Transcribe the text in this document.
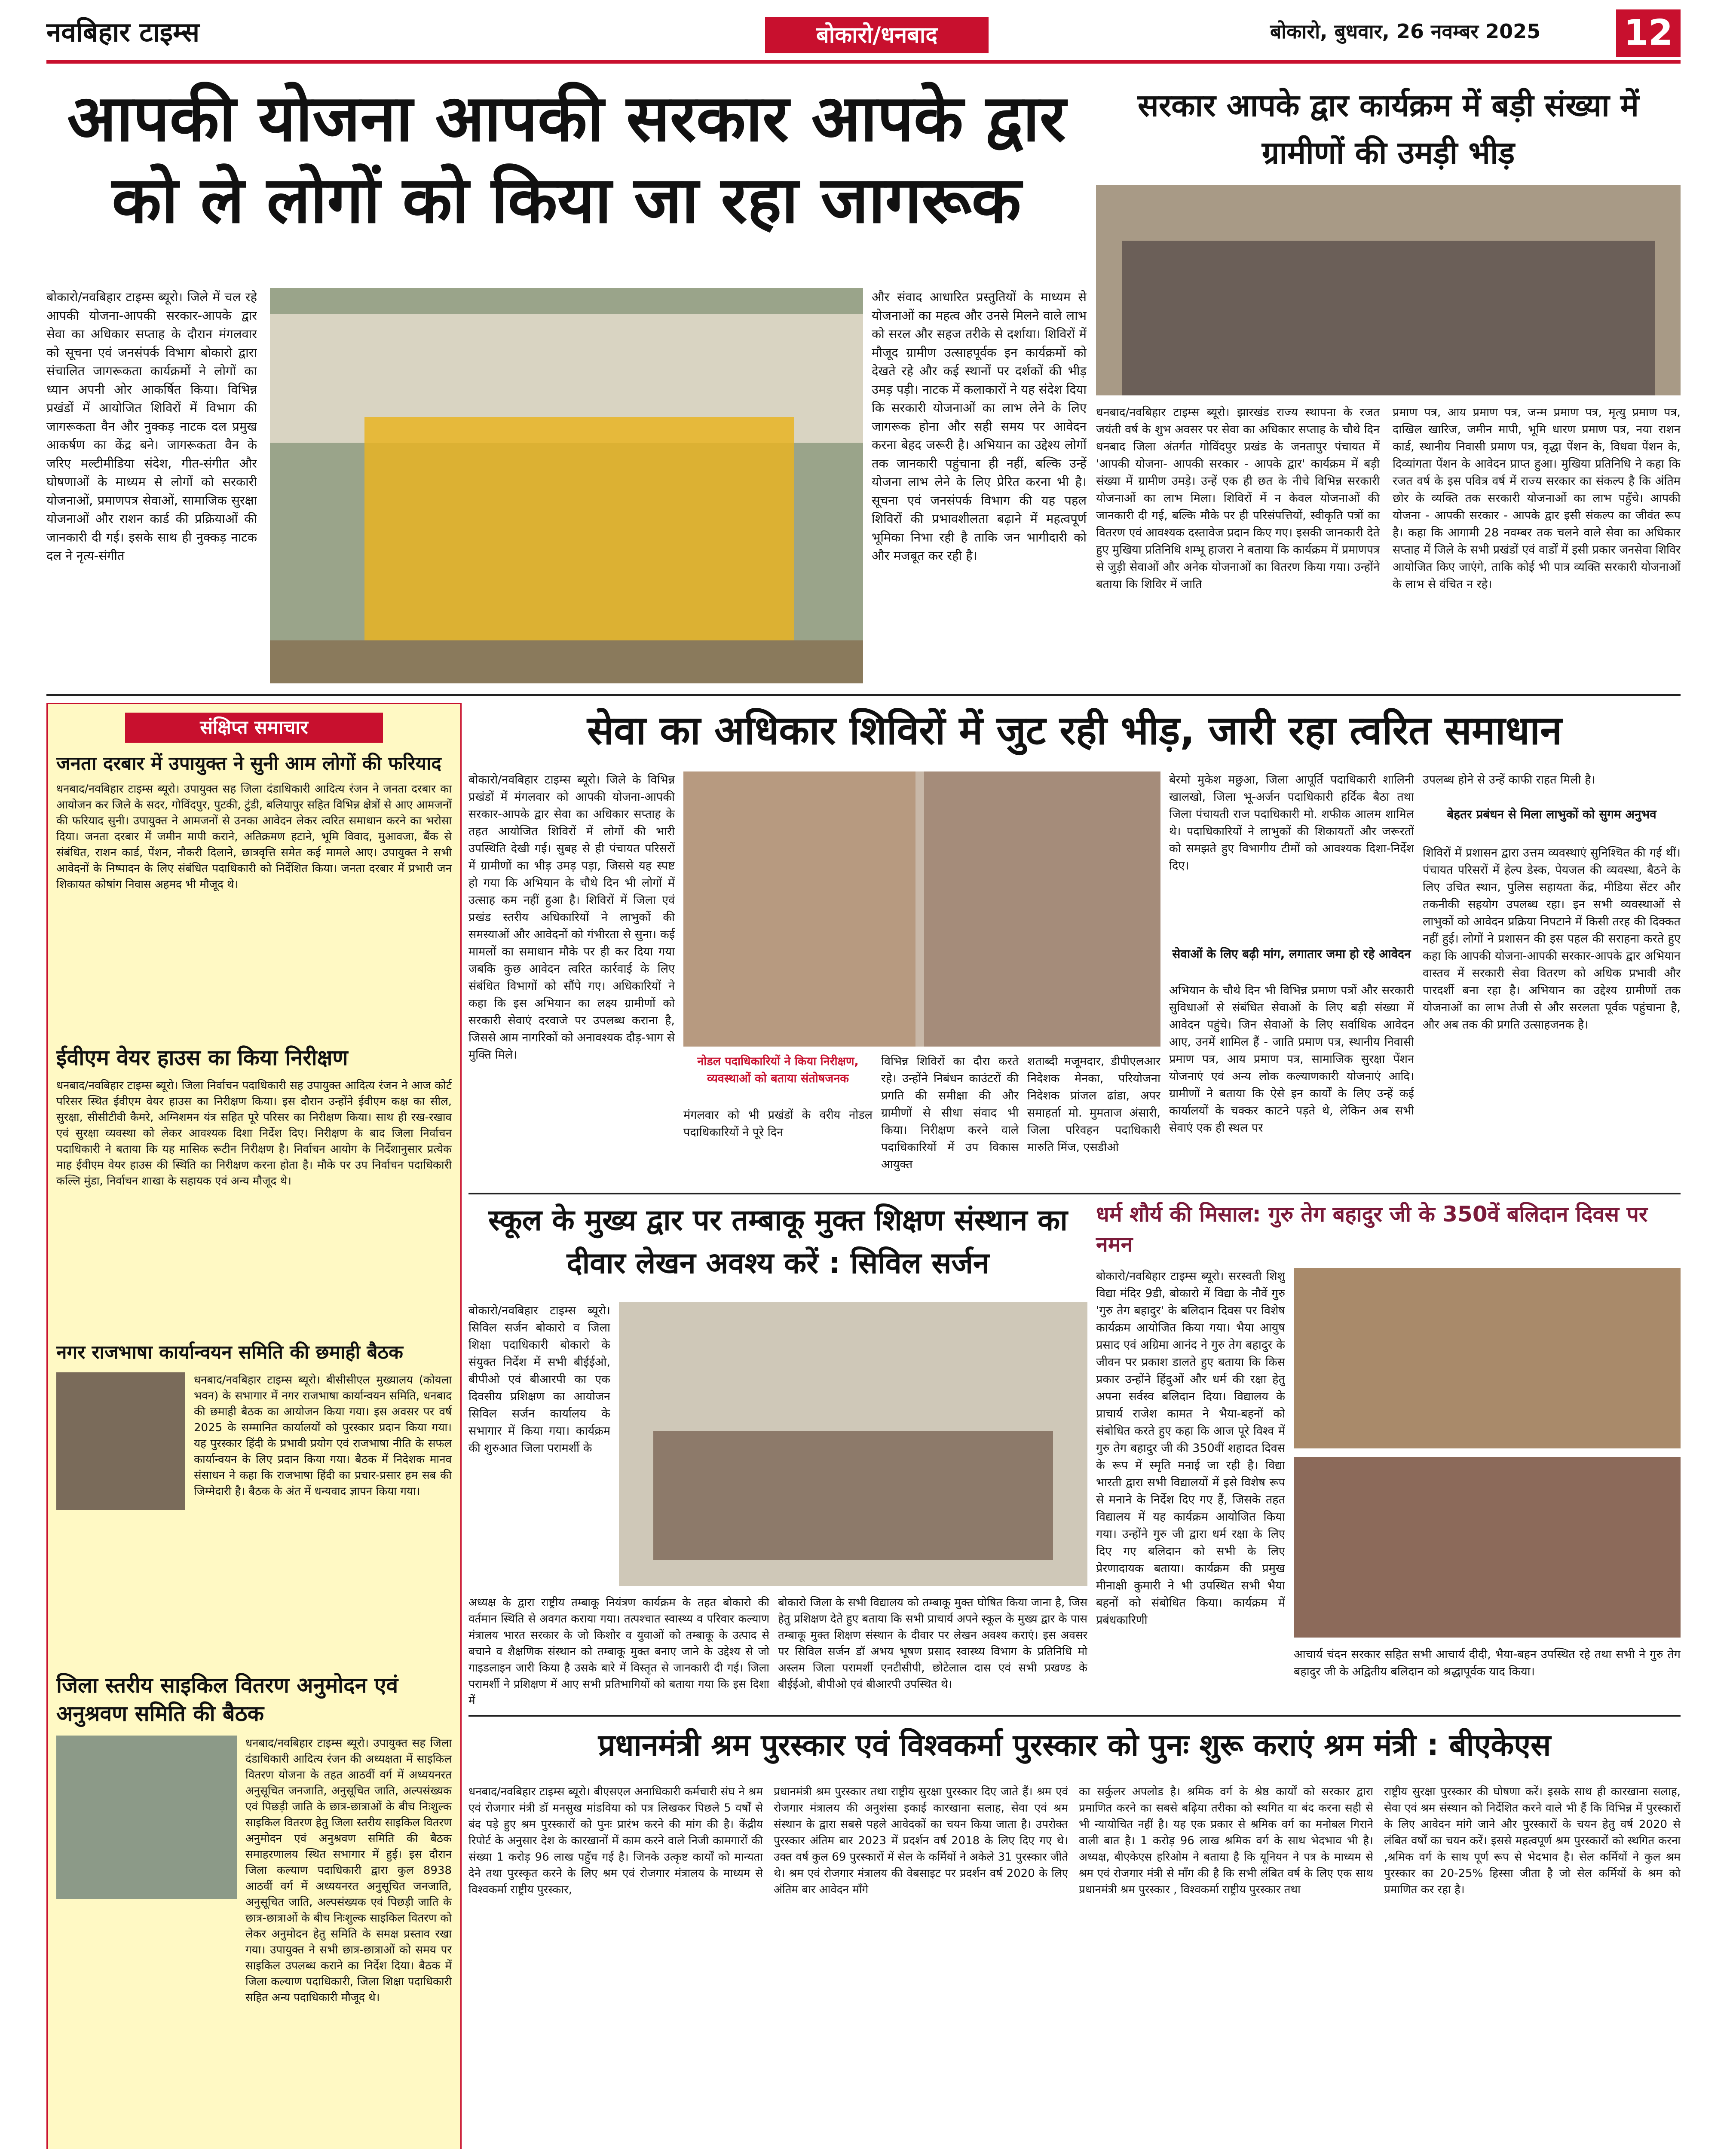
नवबिहार टाइम्स	बोकारो/धनबाद	बोकारो, बुधवार, 26 नवम्बर 2025 12
आपकी योजना आपकी सरकार आपके द्वार को ले लोगों को किया जा रहा जागरूक
बोकारो/नवबिहार टाइम्स ब्यूरो। जिले में चल रहे आपकी योजना-आपकी सरकार-आपके द्वार सेवा का अधिकार सप्ताह के दौरान मंगलवार को सूचना एवं जनसंपर्क विभाग बोकारो द्वारा संचालित जागरूकता कार्यक्रमों ने लोगों का ध्यान अपनी ओर आकर्षित किया। विभिन्न प्रखंडों में आयोजित शिविरों में विभाग की जागरूकता वैन और नुक्कड़ नाटक दल प्रमुख आकर्षण का केंद्र बने। जागरूकता वैन के जरिए मल्टीमीडिया संदेश, गीत-संगीत और घोषणाओं के माध्यम से लोगों को सरकारी योजनाओं, प्रमाणपत्र सेवाओं, सामाजिक सुरक्षा योजनाओं और राशन कार्ड की प्रक्रियाओं की जानकारी दी गई। इसके साथ ही नुक्कड़ नाटक दल ने नृत्य-संगीत
और संवाद आधारित प्रस्तुतियों के माध्यम से योजनाओं का महत्व और उनसे मिलने वाले लाभ को सरल और सहज तरीके से दर्शाया। शिविरों में मौजूद ग्रामीण उत्साहपूर्वक इन कार्यक्रमों को देखते रहे और कई स्थानों पर दर्शकों की भीड़ उमड़ पड़ी। नाटक में कलाकारों ने यह संदेश दिया कि सरकारी योजनाओं का लाभ लेने के लिए जागरूक होना और सही समय पर आवेदन करना बेहद जरूरी है। अभियान का उद्देश्य लोगों तक जानकारी पहुंचाना ही नहीं, बल्कि उन्हें योजना लाभ लेने के लिए प्रेरित करना भी है। सूचना एवं जनसंपर्क विभाग की यह पहल शिविरों की प्रभावशीलता बढ़ाने में महत्वपूर्ण भूमिका निभा रही है ताकि जन भागीदारी को और मजबूत कर रही है।
सरकार आपके द्वार कार्यक्रम में बड़ी संख्या में ग्रामीणों की उमड़ी भीड़
धनबाद/नवबिहार टाइम्स ब्यूरो। झारखंड राज्य स्थापना के रजत जयंती वर्ष के शुभ अवसर पर सेवा का अधिकार सप्ताह के चौथे दिन धनबाद जिला अंतर्गत गोविंदपुर प्रखंड के जनतापुर पंचायत में 'आपकी योजना- आपकी सरकार - आपके द्वार' कार्यक्रम में बड़ी संख्या में ग्रामीण उमड़े। उन्हें एक ही छत के नीचे विभिन्न सरकारी योजनाओं का लाभ मिला। शिविरों में न केवल योजनाओं की जानकारी दी गई, बल्कि मौके पर ही परिसंपत्तियों, स्वीकृति पत्रों का वितरण एवं आवश्यक दस्तावेज प्रदान किए गए। इसकी जानकारी देते हुए मुखिया प्रतिनिधि शम्भू हाजरा ने बताया कि कार्यक्रम में प्रमाणपत्र से जुड़ी सेवाओं और अनेक योजनाओं का वितरण किया गया। उन्होंने बताया कि शिविर में जाति
प्रमाण पत्र, आय प्रमाण पत्र, जन्म प्रमाण पत्र, मृत्यु प्रमाण पत्र, दाखिल खारिज, जमीन मापी, भूमि धारण प्रमाण पत्र, नया राशन कार्ड, स्थानीय निवासी प्रमाण पत्र, वृद्धा पेंशन के, विधवा पेंशन के, दिव्यांगता पेंशन के आवेदन प्राप्त हुआ। मुखिया प्रतिनिधि ने कहा कि रजत वर्ष के इस पवित्र वर्ष में राज्य सरकार का संकल्प है कि अंतिम छोर के व्यक्ति तक सरकारी योजनाओं का लाभ पहुँचे। आपकी योजना - आपकी सरकार - आपके द्वार इसी संकल्प का जीवंत रूप है। कहा कि आगामी 28 नवम्बर तक चलने वाले सेवा का अधिकार सप्ताह में जिले के सभी प्रखंडों एवं वार्डों में इसी प्रकार जनसेवा शिविर आयोजित किए जाएंगे, ताकि कोई भी पात्र व्यक्ति सरकारी योजनाओं के लाभ से वंचित न रहे।
संक्षिप्त समाचार
जनता दरबार में उपायुक्त ने सुनी आम लोगों की फरियाद
धनबाद/नवबिहार टाइम्स ब्यूरो। उपायुक्त सह जिला दंडाधिकारी आदित्य रंजन ने जनता दरबार का आयोजन कर जिले के सदर, गोविंदपुर, पुटकी, टुंडी, बलियापुर सहित विभिन्न क्षेत्रों से आए आमजनों की फरियाद सुनी। उपायुक्त ने आमजनों से उनका आवेदन लेकर त्वरित समाधान करने का भरोसा दिया। जनता दरबार में जमीन मापी कराने, अतिक्रमण हटाने, भूमि विवाद, मुआवजा, बैंक से संबंधित, राशन कार्ड, पेंशन, नौकरी दिलाने, छात्रवृत्ति समेत कई मामले आए। उपायुक्त ने सभी आवेदनों के निष्पादन के लिए संबंधित पदाधिकारी को निर्देशित किया। जनता दरबार में प्रभारी जन शिकायत कोषांग निवास अहमद भी मौजूद थे।
ईवीएम वेयर हाउस का किया निरीक्षण
धनबाद/नवबिहार टाइम्स ब्यूरो। जिला निर्वाचन पदाधिकारी सह उपायुक्त आदित्य रंजन ने आज कोर्ट परिसर स्थित ईवीएम वेयर हाउस का निरीक्षण किया। इस दौरान उन्होंने ईवीएम कक्ष का सील, सुरक्षा, सीसीटीवी कैमरे, अग्निशमन यंत्र सहित पूरे परिसर का निरीक्षण किया। साथ ही रख-रखाव एवं सुरक्षा व्यवस्था को लेकर आवश्यक दिशा निर्देश दिए। निरीक्षण के बाद जिला निर्वाचन पदाधिकारी ने बताया कि यह मासिक रूटीन निरीक्षण है। निर्वाचन आयोग के निर्देशानुसार प्रत्येक माह ईवीएम वेयर हाउस की स्थिति का निरीक्षण करना होता है। मौके पर उप निर्वाचन पदाधिकारी कल्लि मुंडा, निर्वाचन शाखा के सहायक एवं अन्य मौजूद थे।
नगर राजभाषा कार्यान्वयन समिति की छमाही बैठक
धनबाद/नवबिहार टाइम्स ब्यूरो। बीसीसीएल मुख्यालय (कोयला भवन) के सभागार में नगर राजभाषा कार्यान्वयन समिति, धनबाद की छमाही बैठक का आयोजन किया गया। इस अवसर पर वर्ष 2025 के सम्मानित कार्यालयों को पुरस्कार प्रदान किया गया। यह पुरस्कार हिंदी के प्रभावी प्रयोग एवं राजभाषा नीति के सफल कार्यान्वयन के लिए प्रदान किया गया। बैठक में निदेशक मानव संसाधन ने कहा कि राजभाषा हिंदी का प्रचार-प्रसार हम सब की जिम्मेदारी है। बैठक के अंत में धन्यवाद ज्ञापन किया गया।
जिला स्तरीय साइकिल वितरण अनुमोदन एवं अनुश्रवण समिति की बैठक
धनबाद/नवबिहार टाइम्स ब्यूरो। उपायुक्त सह जिला दंडाधिकारी आदित्य रंजन की अध्यक्षता में साइकिल वितरण योजना के तहत आठवीं वर्ग में अध्ययनरत अनुसूचित जनजाति, अनुसूचित जाति, अल्पसंख्यक एवं पिछड़ी जाति के छात्र-छात्राओं के बीच निःशुल्क साइकिल वितरण हेतु जिला स्तरीय साइकिल वितरण अनुमोदन एवं अनुश्रवण समिति की बैठक समाहरणालय स्थित सभागार में हुई। इस दौरान जिला कल्याण पदाधिकारी द्वारा कुल 8938 आठवीं वर्ग में अध्ययनरत अनुसूचित जनजाति, अनुसूचित जाति, अल्पसंख्यक एवं पिछड़ी जाति के छात्र-छात्राओं के बीच निःशुल्क साइकिल वितरण को लेकर अनुमोदन हेतु समिति के समक्ष प्रस्ताव रखा गया। उपायुक्त ने सभी छात्र-छात्राओं को समय पर साइकिल उपलब्ध कराने का निर्देश दिया। बैठक में जिला कल्याण पदाधिकारी, जिला शिक्षा पदाधिकारी सहित अन्य पदाधिकारी मौजूद थे।
सेवा का अधिकार शिविरों में जुट रही भीड़, जारी रहा त्वरित समाधान
बोकारो/नवबिहार टाइम्स ब्यूरो। जिले के विभिन्न प्रखंडों में मंगलवार को आपकी योजना-आपकी सरकार-आपके द्वार सेवा का अधिकार सप्ताह के तहत आयोजित शिविरों में लोगों की भारी उपस्थिति देखी गई। सुबह से ही पंचायत परिसरों में ग्रामीणों का भीड़ उमड़ पड़ा, जिससे यह स्पष्ट हो गया कि अभियान के चौथे दिन भी लोगों में उत्साह कम नहीं हुआ है। शिविरों में जिला एवं प्रखंड स्तरीय अधिकारियों ने लाभुकों की समस्याओं और आवेदनों को गंभीरता से सुना। कई मामलों का समाधान मौके पर ही कर दिया गया जबकि कुछ आवेदन त्वरित कार्रवाई के लिए संबंधित विभागों को सौंपे गए। अधिकारियों ने कहा कि इस अभियान का लक्ष्य ग्रामीणों को सरकारी सेवाएं दरवाजे पर उपलब्ध कराना है, जिससे आम नागरिकों को अनावश्यक दौड़-भाग से मुक्ति मिले।	नोडल पदाधिकारियों ने किया निरीक्षण, व्यवस्थाओं को बताया संतोषजनक
मंगलवार को भी प्रखंडों के वरीय नोडल पदाधिकारियों ने पूरे दिन
विभिन्न शिविरों का दौरा करते रहे। उन्होंने निबंधन काउंटरों की प्रगति की समीक्षा की और ग्रामीणों से सीधा संवाद भी किया। निरीक्षण करने वाले पदाधिकारियों में उप विकास आयुक्त
शताब्दी मजूमदार, डीपीएलआर निदेशक मेनका, परियोजना निदेशक प्रांजल ढांडा, अपर समाहर्ता मो. मुमताज अंसारी, जिला परिवहन पदाधिकारी मारुति मिंज, एसडीओ
बेरमो मुकेश मछुआ, जिला आपूर्ति पदाधिकारी शालिनी खालखो, जिला भू-अर्जन पदाधिकारी हर्दिक बैठा तथा जिला पंचायती राज पदाधिकारी मो. शफीक आलम शामिल थे। पदाधिकारियों ने लाभुकों की शिकायतों और जरूरतों को समझते हुए विभागीय टीमों को आवश्यक दिशा-निर्देश दिए।
सेवाओं के लिए बढ़ी मांग, लगातार जमा हो रहे आवेदन
अभियान के चौथे दिन भी विभिन्न प्रमाण पत्रों और सरकारी सुविधाओं से संबंधित सेवाओं के लिए बड़ी संख्या में आवेदन पहुंचे। जिन सेवाओं के लिए सर्वाधिक आवेदन आए, उनमें शामिल हैं - जाति प्रमाण पत्र, स्थानीय निवासी प्रमाण पत्र, आय प्रमाण पत्र, सामाजिक सुरक्षा पेंशन योजनाएं एवं अन्य लोक कल्याणकारी योजनाएं आदि। ग्रामीणों ने बताया कि ऐसे इन कार्यों के लिए उन्हें कई कार्यालयों के चक्कर काटने पड़ते थे, लेकिन अब सभी सेवाएं एक ही स्थल पर
उपलब्ध होने से उन्हें काफी राहत मिली है।
बेहतर प्रबंधन से मिला लाभुकों को सुगम अनुभव
शिविरों में प्रशासन द्वारा उत्तम व्यवस्थाएं सुनिश्चित की गई थीं। पंचायत परिसरों में हेल्प डेस्क, पेयजल की व्यवस्था, बैठने के लिए उचित स्थान, पुलिस सहायता केंद्र, मीडिया सेंटर और तकनीकी सहयोग उपलब्ध रहा। इन सभी व्यवस्थाओं से लाभुकों को आवेदन प्रक्रिया निपटाने में किसी तरह की दिक्कत नहीं हुई। लोगों ने प्रशासन की इस पहल की सराहना करते हुए कहा कि आपकी योजना-आपकी सरकार-आपके द्वार अभियान वास्तव में सरकारी सेवा वितरण को अधिक प्रभावी और पारदर्शी बना रहा है। अभियान का उद्देश्य ग्रामीणों तक योजनाओं का लाभ तेजी से और सरलता पूर्वक पहुंचाना है, और अब तक की प्रगति उत्साहजनक है।
स्कूल के मुख्य द्वार पर तम्बाकू मुक्त शिक्षण संस्थान का दीवार लेखन अवश्य करें : सिविल सर्जन
बोकारो/नवबिहार टाइम्स ब्यूरो। सिविल सर्जन बोकारो व जिला शिक्षा पदाधिकारी बोकारो के संयुक्त निर्देश में सभी बीईईओ, बीपीओ एवं बीआरपी का एक दिवसीय प्रशिक्षण का आयोजन सिविल सर्जन कार्यालय के सभागार में किया गया। कार्यक्रम की शुरुआत जिला परामर्शी के
अध्यक्ष के द्वारा राष्ट्रीय तम्बाकू नियंत्रण कार्यक्रम के तहत बोकारो की वर्तमान स्थिति से अवगत कराया गया। तत्पश्चात स्वास्थ्य व परिवार कल्याण मंत्रालय भारत सरकार के जो किशोर व युवाओं को तम्बाकू के उत्पाद से बचाने व शैक्षणिक संस्थान को तम्बाकू मुक्त बनाए जाने के उद्देश्य से जो गाइडलाइन जारी किया है उसके बारे में विस्तृत से जानकारी दी गई। जिला परामर्शी ने प्रशिक्षण में आए सभी प्रतिभागियों को बताया गया कि इस दिशा में
बोकारो जिला के सभी विद्यालय को तम्बाकू मुक्त घोषित किया जाना है, जिस हेतु प्रशिक्षण देते हुए बताया कि सभी प्राचार्य अपने स्कूल के मुख्य द्वार के पास तम्बाकू मुक्त शिक्षण संस्थान के दीवार पर लेखन अवश्य कराएं। इस अवसर पर सिविल सर्जन डॉ अभय भूषण प्रसाद स्वास्थ्य विभाग के प्रतिनिधि मो अस्लम जिला परामर्शी एनटीसीपी, छोटेलाल दास एवं सभी प्रखण्ड के बीईईओ, बीपीओ एवं बीआरपी उपस्थित थे।
धर्म शौर्य की मिसाल: गुरु तेग बहादुर जी के 350वें बलिदान दिवस पर नमन
बोकारो/नवबिहार टाइम्स ब्यूरो। सरस्वती शिशु विद्या मंदिर 9डी, बोकारो में विद्या के नौवें गुरु 'गुरु तेग बहादुर' के बलिदान दिवस पर विशेष कार्यक्रम आयोजित किया गया। भैया आयुष प्रसाद एवं अग्रिमा आनंद ने गुरु तेग बहादुर के जीवन पर प्रकाश डालते हुए बताया कि किस प्रकार उन्होंने हिंदुओं और धर्म की रक्षा हेतु अपना सर्वस्व बलिदान दिया। विद्यालय के प्राचार्य राजेश कामत ने भैया-बहनों को संबोधित करते हुए कहा कि आज पूरे विश्व में गुरु तेग बहादुर जी की 350वीं शहादत दिवस के रूप में स्मृति मनाई जा रही है। विद्या भारती द्वारा सभी विद्यालयों में इसे विशेष रूप से मनाने के निर्देश दिए गए हैं, जिसके तहत विद्यालय में यह कार्यक्रम आयोजित किया गया। उन्होंने गुरु जी द्वारा धर्म रक्षा के लिए दिए गए बलिदान को सभी के लिए प्रेरणादायक बताया। कार्यक्रम की प्रमुख मीनाक्षी कुमारी ने भी उपस्थित सभी भैया बहनों को संबोधित किया। कार्यक्रम में प्रबंधकारिणी
आचार्य चंदन सरकार सहित सभी आचार्य दीदी, भैया-बहन उपस्थित रहे तथा सभी ने गुरु तेग बहादुर जी के अद्वितीय बलिदान को श्रद्धापूर्वक याद किया।
प्रधानमंत्री श्रम पुरस्कार एवं विश्वकर्मा पुरस्कार को पुनः शुरू कराएं श्रम मंत्री : बीएकेएस
धनबाद/नवबिहार टाइम्स ब्यूरो। बीएसएल अनाधिकारी कर्मचारी संघ ने श्रम एवं रोजगार मंत्री डॉ मनसुख मांडविया को पत्र लिखकर पिछले 5 वर्षों से बंद पड़े हुए श्रम पुरस्कारों को पुनः प्रारंभ करने की मांग की है। केंद्रीय रिपोर्ट के अनुसार देश के कारखानों में काम करने वाले निजी कामगारों की संख्या 1 करोड़ 96 लाख पहुँच गई है। जिनके उत्कृष्ट कार्यों को मान्यता देने तथा पुरस्कृत करने के लिए श्रम एवं रोजगार मंत्रालय के माध्यम से विश्वकर्मा राष्ट्रीय पुरस्कार,
प्रधानमंत्री श्रम पुरस्कार तथा राष्ट्रीय सुरक्षा पुरस्कार दिए जाते हैं। श्रम एवं रोजगार मंत्रालय की अनुशंसा इकाई कारखाना सलाह, सेवा एवं श्रम संस्थान के द्वारा सबसे पहले आवेदकों का चयन किया जाता है। उपरोक्त पुरस्कार अंतिम बार 2023 में प्रदर्शन वर्ष 2018 के लिए दिए गए थे। उक्त वर्ष कुल 69 पुरस्कारों में सेल के कर्मियों ने अकेले 31 पुरस्कार जीते थे। श्रम एवं रोजगार मंत्रालय की वेबसाइट पर प्रदर्शन वर्ष 2020 के लिए अंतिम बार आवेदन माँगे
का सर्कुलर अपलोड है। श्रमिक वर्ग के श्रेष्ठ कार्यों को सरकार द्वारा प्रमाणित करने का सबसे बढ़िया तरीका को स्थगित या बंद करना सही से भी न्यायोचित नहीं है। यह एक प्रकार से श्रमिक वर्ग का मनोबल गिराने वाली बात है। 1 करोड़ 96 लाख श्रमिक वर्ग के साथ भेदभाव भी है। अध्यक्ष, बीएकेएस हरिओम ने बताया है कि यूनियन ने पत्र के माध्यम से श्रम एवं रोजगार मंत्री से माँग की है कि सभी लंबित वर्ष के लिए एक साथ प्रधानमंत्री श्रम पुरस्कार , विश्वकर्मा राष्ट्रीय पुरस्कार तथा
राष्ट्रीय सुरक्षा पुरस्कार की घोषणा करें। इसके साथ ही कारखाना सलाह, सेवा एवं श्रम संस्थान को निर्देशित करने वाले भी हैं कि विभिन्न में पुरस्कारों के लिए आवेदन मांगे जाने और पुरस्कारों के चयन हेतु वर्ष 2020 से लंबित वर्षों का चयन करें। इससे महत्वपूर्ण श्रम पुरस्कारों को स्थगित करना ,श्रमिक वर्ग के साथ पूर्ण रूप से भेदभाव है। सेल कर्मियों ने कुल श्रम पुरस्कार का 20-25% हिस्सा जीता है जो सेल कर्मियों के श्रम को प्रमाणित कर रहा है।
